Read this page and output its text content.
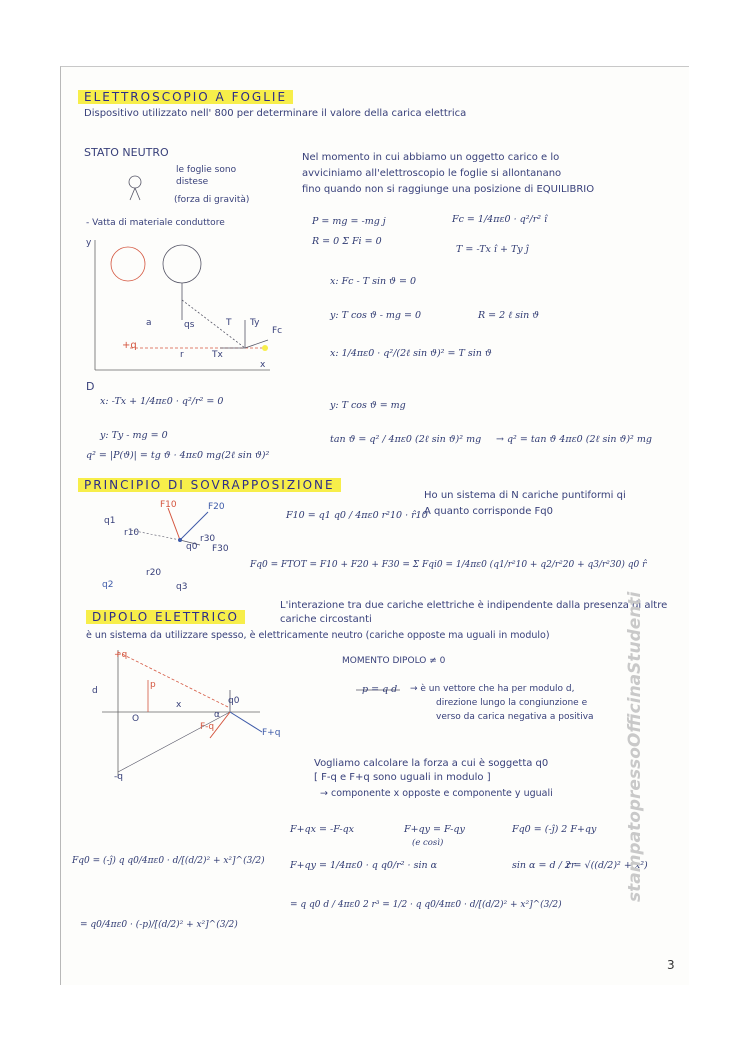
ELETTROSCOPIO A FOGLIE
Dispositivo utilizzato nell' 800 per determinare il valore della carica elettrica
STATO NEUTRO
le foglie sono
distese
(forza di gravità)
- Vatta di materiale conduttore
Nel momento in cui abbiamo un oggetto carico e lo
avviciniamo all'elettroscopio le foglie si allontanano
fino quando non si raggiunge una posizione di EQUILIBRIO
P = mg = -mg j	Fc = 1/4πε0 · q²/r² î
R = 0 Σ Fi = 0
T = -Tx î + Ty ĵ
x: Fc - T sin ϑ = 0
y: T cos ϑ - mg = 0	R = 2 ℓ sin ϑ
x: 1/4πε0 · q²/(2ℓ sin ϑ)² = T sin ϑ
y: T cos ϑ = mg
tan ϑ = q² / 4πε0 (2ℓ sin ϑ)² mg → q² = tan ϑ 4πε0 (2ℓ sin ϑ)² mg
+q
Fc
T Ty
Tx
qs
r
x
y
a
D
x: -Tx + 1/4πε0 · q²/r² = 0
y: Ty - mg = 0
q² = |P(ϑ)| = tg ϑ · 4πε0 mg(2ℓ sin ϑ)²
PRINCIPIO DI SOVRAPPOSIZIONE
Ho un sistema di N cariche puntiformi qi
A quanto corrisponde Fq0
F10 = q1 q0 / 4πε0 r²10 · r̂10
Fq0 = FTOT = F10 + F20 + F30 = Σ Fqi0 = 1/4πε0 (q1/r²10 + q2/r²20 + q3/r²30) q0 r̂
q1
q2	q3
q0
F10	F20
F30
r10
r30
r20
L'interazione tra due cariche elettriche è indipendente dalla presenza di altre
cariche circostanti
DIPOLO ELETTRICO
è un sistema da utilizzare spesso, è elettricamente neutro (cariche opposte ma uguali in modulo)
MOMENTO DIPOLO ≠ 0
p = q d → è un vettore che ha per modulo d,
direzione lungo la congiunzione e
verso da carica negativa a positiva
+q
-q
d
O
x	q0
p
F-q
F+q
α
Vogliamo calcolare la forza a cui è soggetta q0
[ F-q e F+q sono uguali in modulo ]
→ componente x opposte e componente y uguali
F+qx = -F-qx	F+qy = F-qy
(e così)
Fq0 = (-ĵ) 2 F+qy
F+qy = 1/4πε0 · q q0/r² · sin α	sin α = d / 2r
r = √((d/2)² + x²)
= q q0 d / 4πε0 2 r³ = 1/2 · q q0/4πε0 · d/[(d/2)² + x²]^(3/2)
Fq0 = (-ĵ) q q0/4πε0 · d/[(d/2)² + x²]^(3/2)
= q0/4πε0 · (-p)/[(d/2)² + x²]^(3/2)
stampatopressoOfficinaStudenti
3
